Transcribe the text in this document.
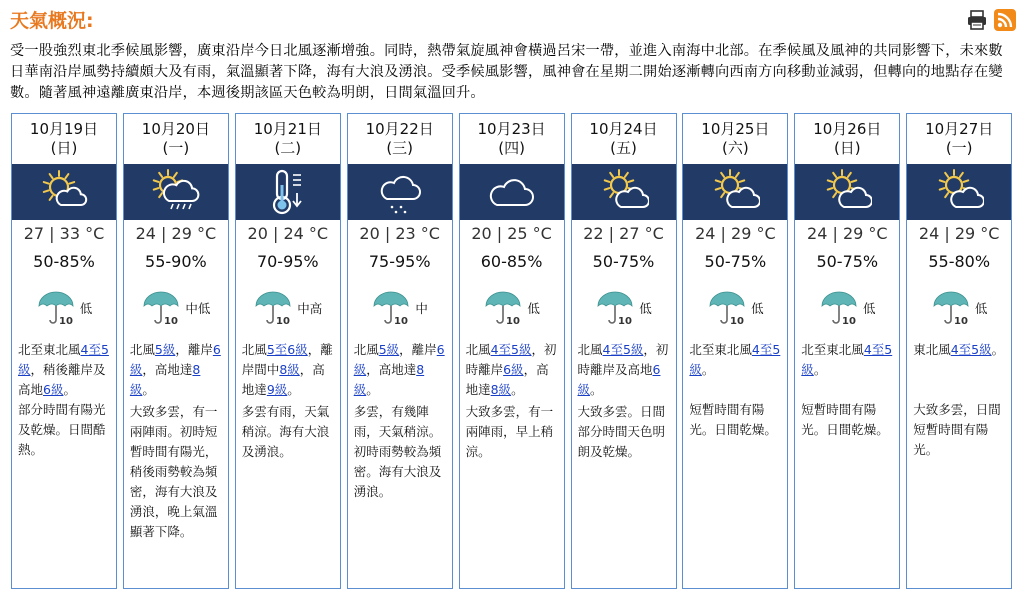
天氣概況:
受一股強烈東北季候風影響，廣東沿岸今日北風逐漸增強。同時，熱帶氣旋風神會橫過呂宋一帶，並進入南海中北部。在季候風及風神的共同影響下，未來數日華南沿岸風勢持續頗大及有雨，氣溫顯著下降，海有大浪及湧浪。受季候風影響，風神會在星期二開始逐漸轉向西南方向移動並減弱，但轉向的地點存在變數。隨著風神遠離廣東沿岸，本週後期該區天色較為明朗，日間氣溫回升。
10月19日
(日)
27 | 33 °C
50-85%
10
低
北至東北風4至5級，稍後離岸及高地6級。
部分時間有陽光及乾燥。日間酷熱。
10月20日
(一)
24 | 29 °C
55-90%
10
中低
北風5級，離岸6級，高地達8級。
大致多雲，有一兩陣雨。初時短暫時間有陽光，稍後雨勢較為頻密，海有大浪及湧浪，晚上氣溫顯著下降。
10月21日
(二)
20 | 24 °C
70-95%
10
中高
北風5至6級，離岸間中8級，高地達9級。
多雲有雨，天氣稍涼。海有大浪及湧浪。
10月22日
(三)
20 | 23 °C
75-95%
10
中
北風5級，離岸6級，高地達8級。
多雲，有幾陣雨，天氣稍涼。初時雨勢較為頻密。海有大浪及湧浪。
10月23日
(四)
20 | 25 °C
60-85%
10
低
北風4至5級，初時離岸6級，高地達8級。
大致多雲，有一兩陣雨，早上稍涼。
10月24日
(五)
22 | 27 °C
50-75%
10
低
北風4至5級，初時離岸及高地6級。
大致多雲。日間部分時間天色明朗及乾燥。
10月25日
(六)
24 | 29 °C
50-75%
10
低
北至東北風4至5級。
短暫時間有陽光。日間乾燥。
10月26日
(日)
24 | 29 °C
50-75%
10
低
北至東北風4至5級。
短暫時間有陽光。日間乾燥。
10月27日
(一)
24 | 29 °C
55-80%
10
低
東北風4至5級。
大致多雲，日間短暫時間有陽光。
